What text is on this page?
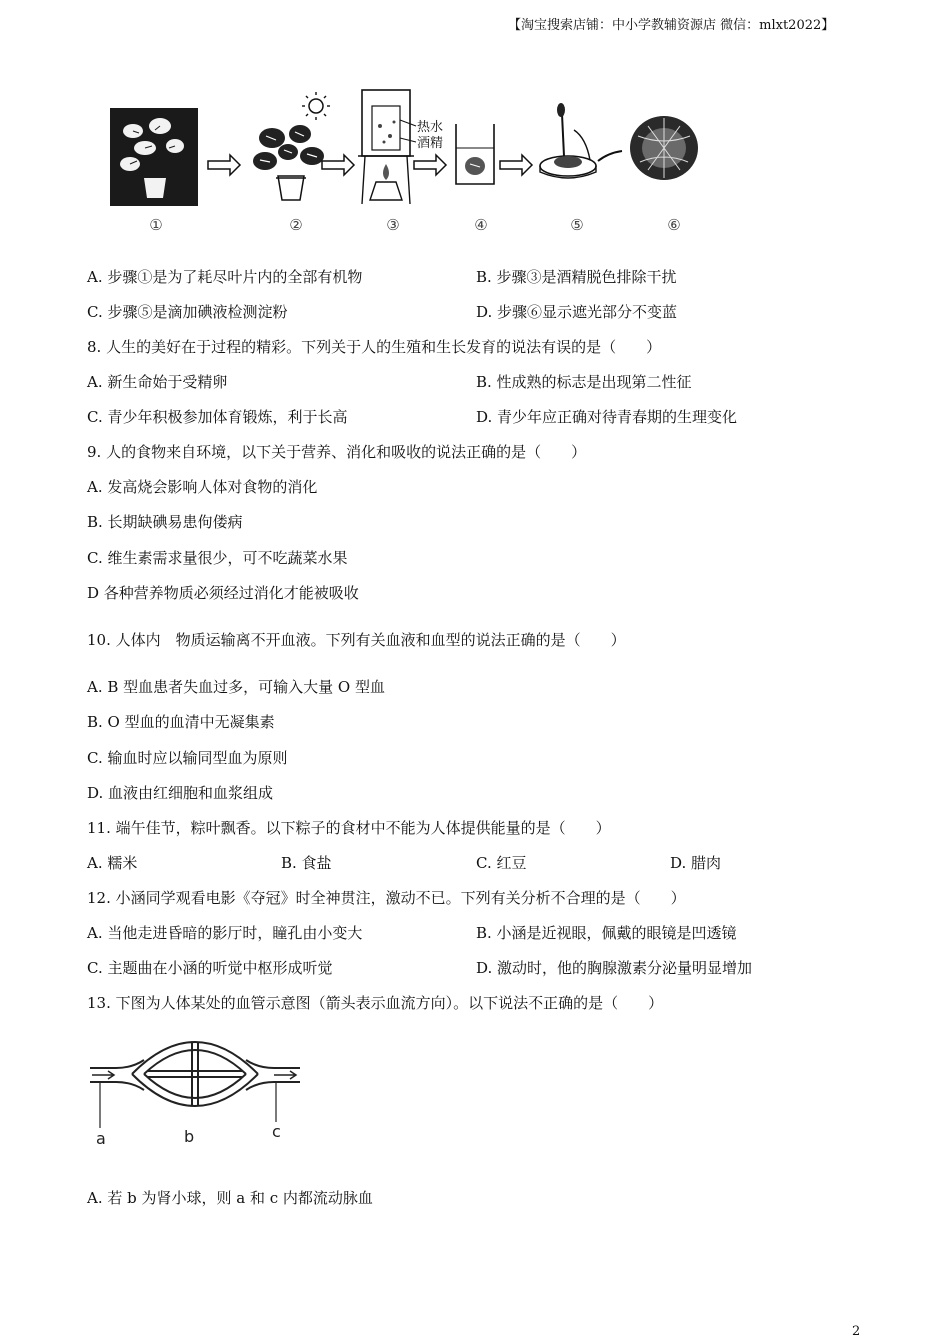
【淘宝搜索店铺：中小学教辅资源店 微信：mlxt2022】
热水
酒精
①	②	③	④	⑤	⑥
A. 步骤①是为了耗尽叶片内的全部有机物	B. 步骤③是酒精脱色排除干扰
C. 步骤⑤是滴加碘液检测淀粉	D. 步骤⑥显示遮光部分不变蓝
8. 人生的美好在于过程的精彩。下列关于人的生殖和生长发育的说法有误的是（　　）
A. 新生命始于受精卵	B. 性成熟的标志是出现第二性征
C. 青少年积极参加体育锻炼，利于长高	D. 青少年应正确对待青春期的生理变化
9. 人的食物来自环境，以下关于营养、消化和吸收的说法正确的是（　　）
A. 发高烧会影响人体对食物的消化
B. 长期缺碘易患佝偻病
C. 维生素需求量很少，可不吃蔬菜水果
D 各种营养物质必须经过消化才能被吸收
10. 人体内　物质运输离不开血液。下列有关血液和血型的说法正确的是（　　）
A. B 型血患者失血过多，可输入大量 O 型血
B. O 型血的血清中无凝集素
C. 输血时应以输同型血为原则
D. 血液由红细胞和血浆组成
11. 端午佳节，粽叶飘香。以下粽子的食材中不能为人体提供能量的是（　　）
A. 糯米	B. 食盐	C. 红豆	D. 腊肉
12. 小涵同学观看电影《夺冠》时全神贯注，激动不已。下列有关分析不合理的是（　　）
A. 当他走进昏暗的影厅时，瞳孔由小变大	B. 小涵是近视眼，佩戴的眼镜是凹透镜
C. 主题曲在小涵的听觉中枢形成听觉	D. 激动时，他的胸腺激素分泌量明显增加
13. 下图为人体某处的血管示意图（箭头表示血流方向）。以下说法不正确的是（　　）
a	b	c
A. 若 b 为肾小球，则 a 和 c 内都流动脉血
2
